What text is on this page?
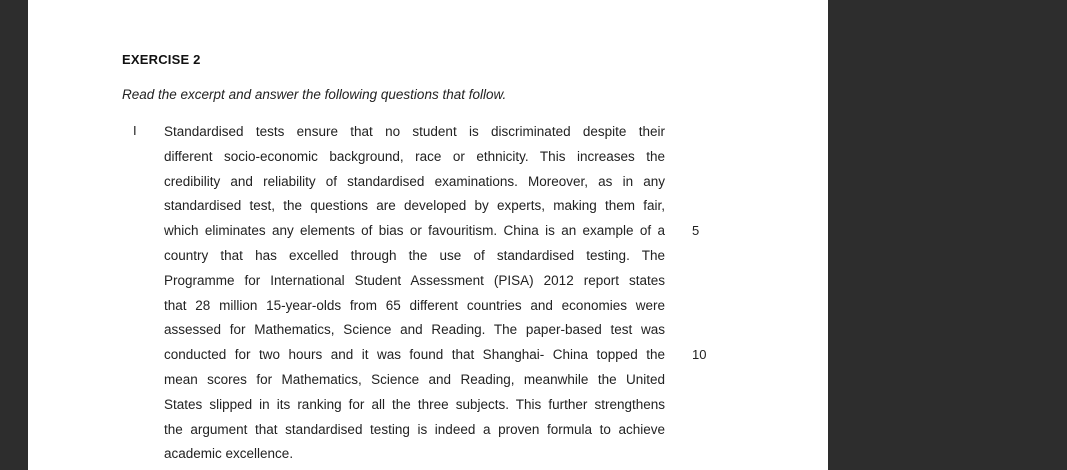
EXERCISE 2
Read the excerpt and answer the following questions that follow.
I Standardised tests ensure that no student is discriminated despite their
different socio-economic background, race or ethnicity. This increases the
credibility and reliability of standardised examinations. Moreover, as in any
standardised test, the questions are developed by experts, making them fair,
which eliminates any elements of bias or favouritism. China is an example of a
country that has excelled through the use of standardised testing. The
Programme for International Student Assessment (PISA) 2012 report states
that 28 million 15-year-olds from 65 different countries and economies were
assessed for Mathematics, Science and Reading. The paper-based test was
conducted for two hours and it was found that Shanghai- China topped the
mean scores for Mathematics, Science and Reading, meanwhile the United
States slipped in its ranking for all the three subjects. This further strengthens
the argument that standardised testing is indeed a proven formula to achieve
academic excellence.
5
10
